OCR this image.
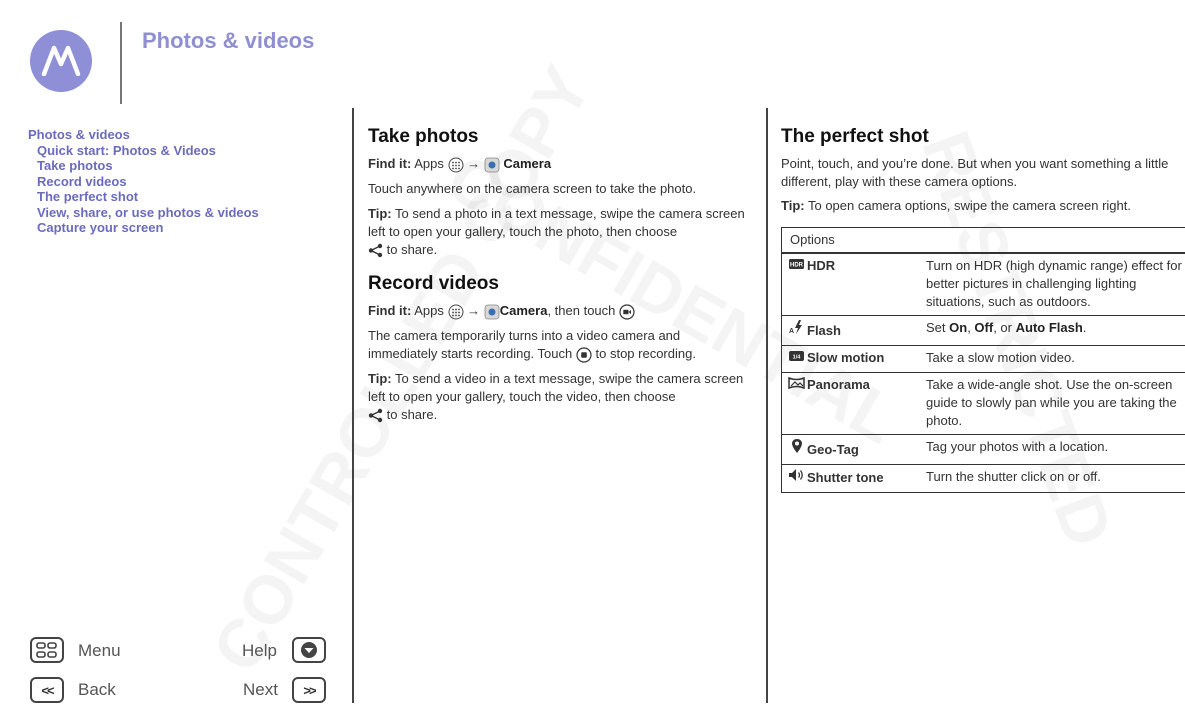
Photos & videos
Photos & videos
Quick start: Photos & Videos
Take photos
Record videos
The perfect shot
View, share, or use photos & videos
Capture your screen
Menu	Help
<< Back	Next >>
Take photos

Find it: Apps → Camera

Touch anywhere on the camera screen to take the photo.

Tip: To send a photo in a text message, swipe the camera screen left to open your gallery, touch the photo, then choose
to share.

Record videos

Find it: Apps → Camera, then touch

The camera temporarily turns into a video camera and immediately starts recording. Touch to stop recording.

Tip: To send a video in a text message, swipe the camera screen left to open your gallery, touch the video, then choose
to share.

The perfect shot

Point, touch, and you’re done. But when you want something a little different, play with these camera options.

Tip: To open camera options, swipe the camera screen right.

Options	

HDR HDR	Turn on HDR (high dynamic range) effect for better pictures in challenging lighting situations, such as outdoors.

A Flash	Set On, Off, or Auto Flash.

1/4 Slow motion	Take a slow motion video.
Panorama	Take a wide-angle shot. Use the on-screen guide to slowly pan while you are taking the photo.
Geo-Tag	Tag your photos with a location.
Shutter tone	Turn the shutter click on or off.
